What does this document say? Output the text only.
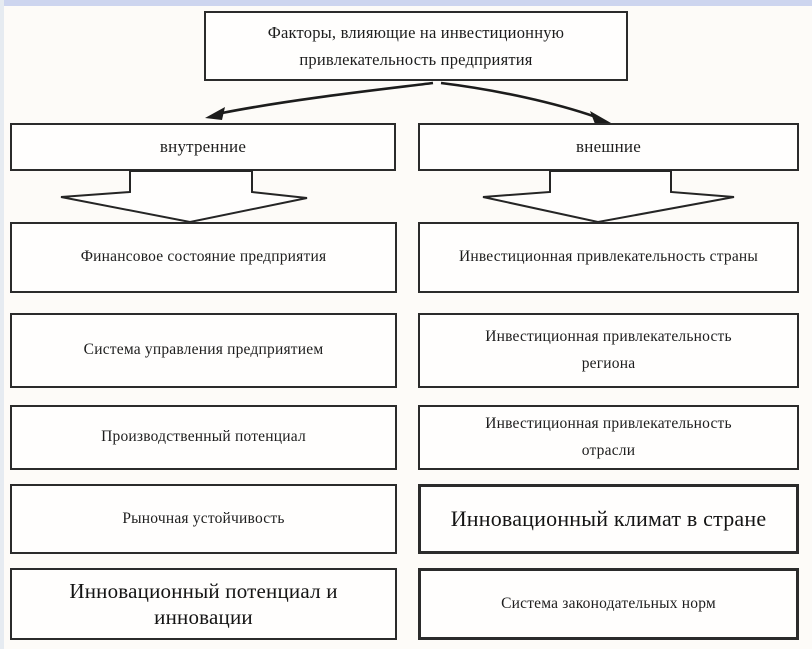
Факторы, влияющие на инвестиционную привлекательность предприятия
внутренние	внешние
Финансовое состояние предприятия
Система управления предприятием
Производственный потенциал
Рыночная устойчивость
Инновационный потенциал и инновации
Инвестиционная привлекательность страны
Инвестиционная привлекательность региона
Инвестиционная привлекательность отрасли
Инновационный климат в стране
Система законодательных норм
